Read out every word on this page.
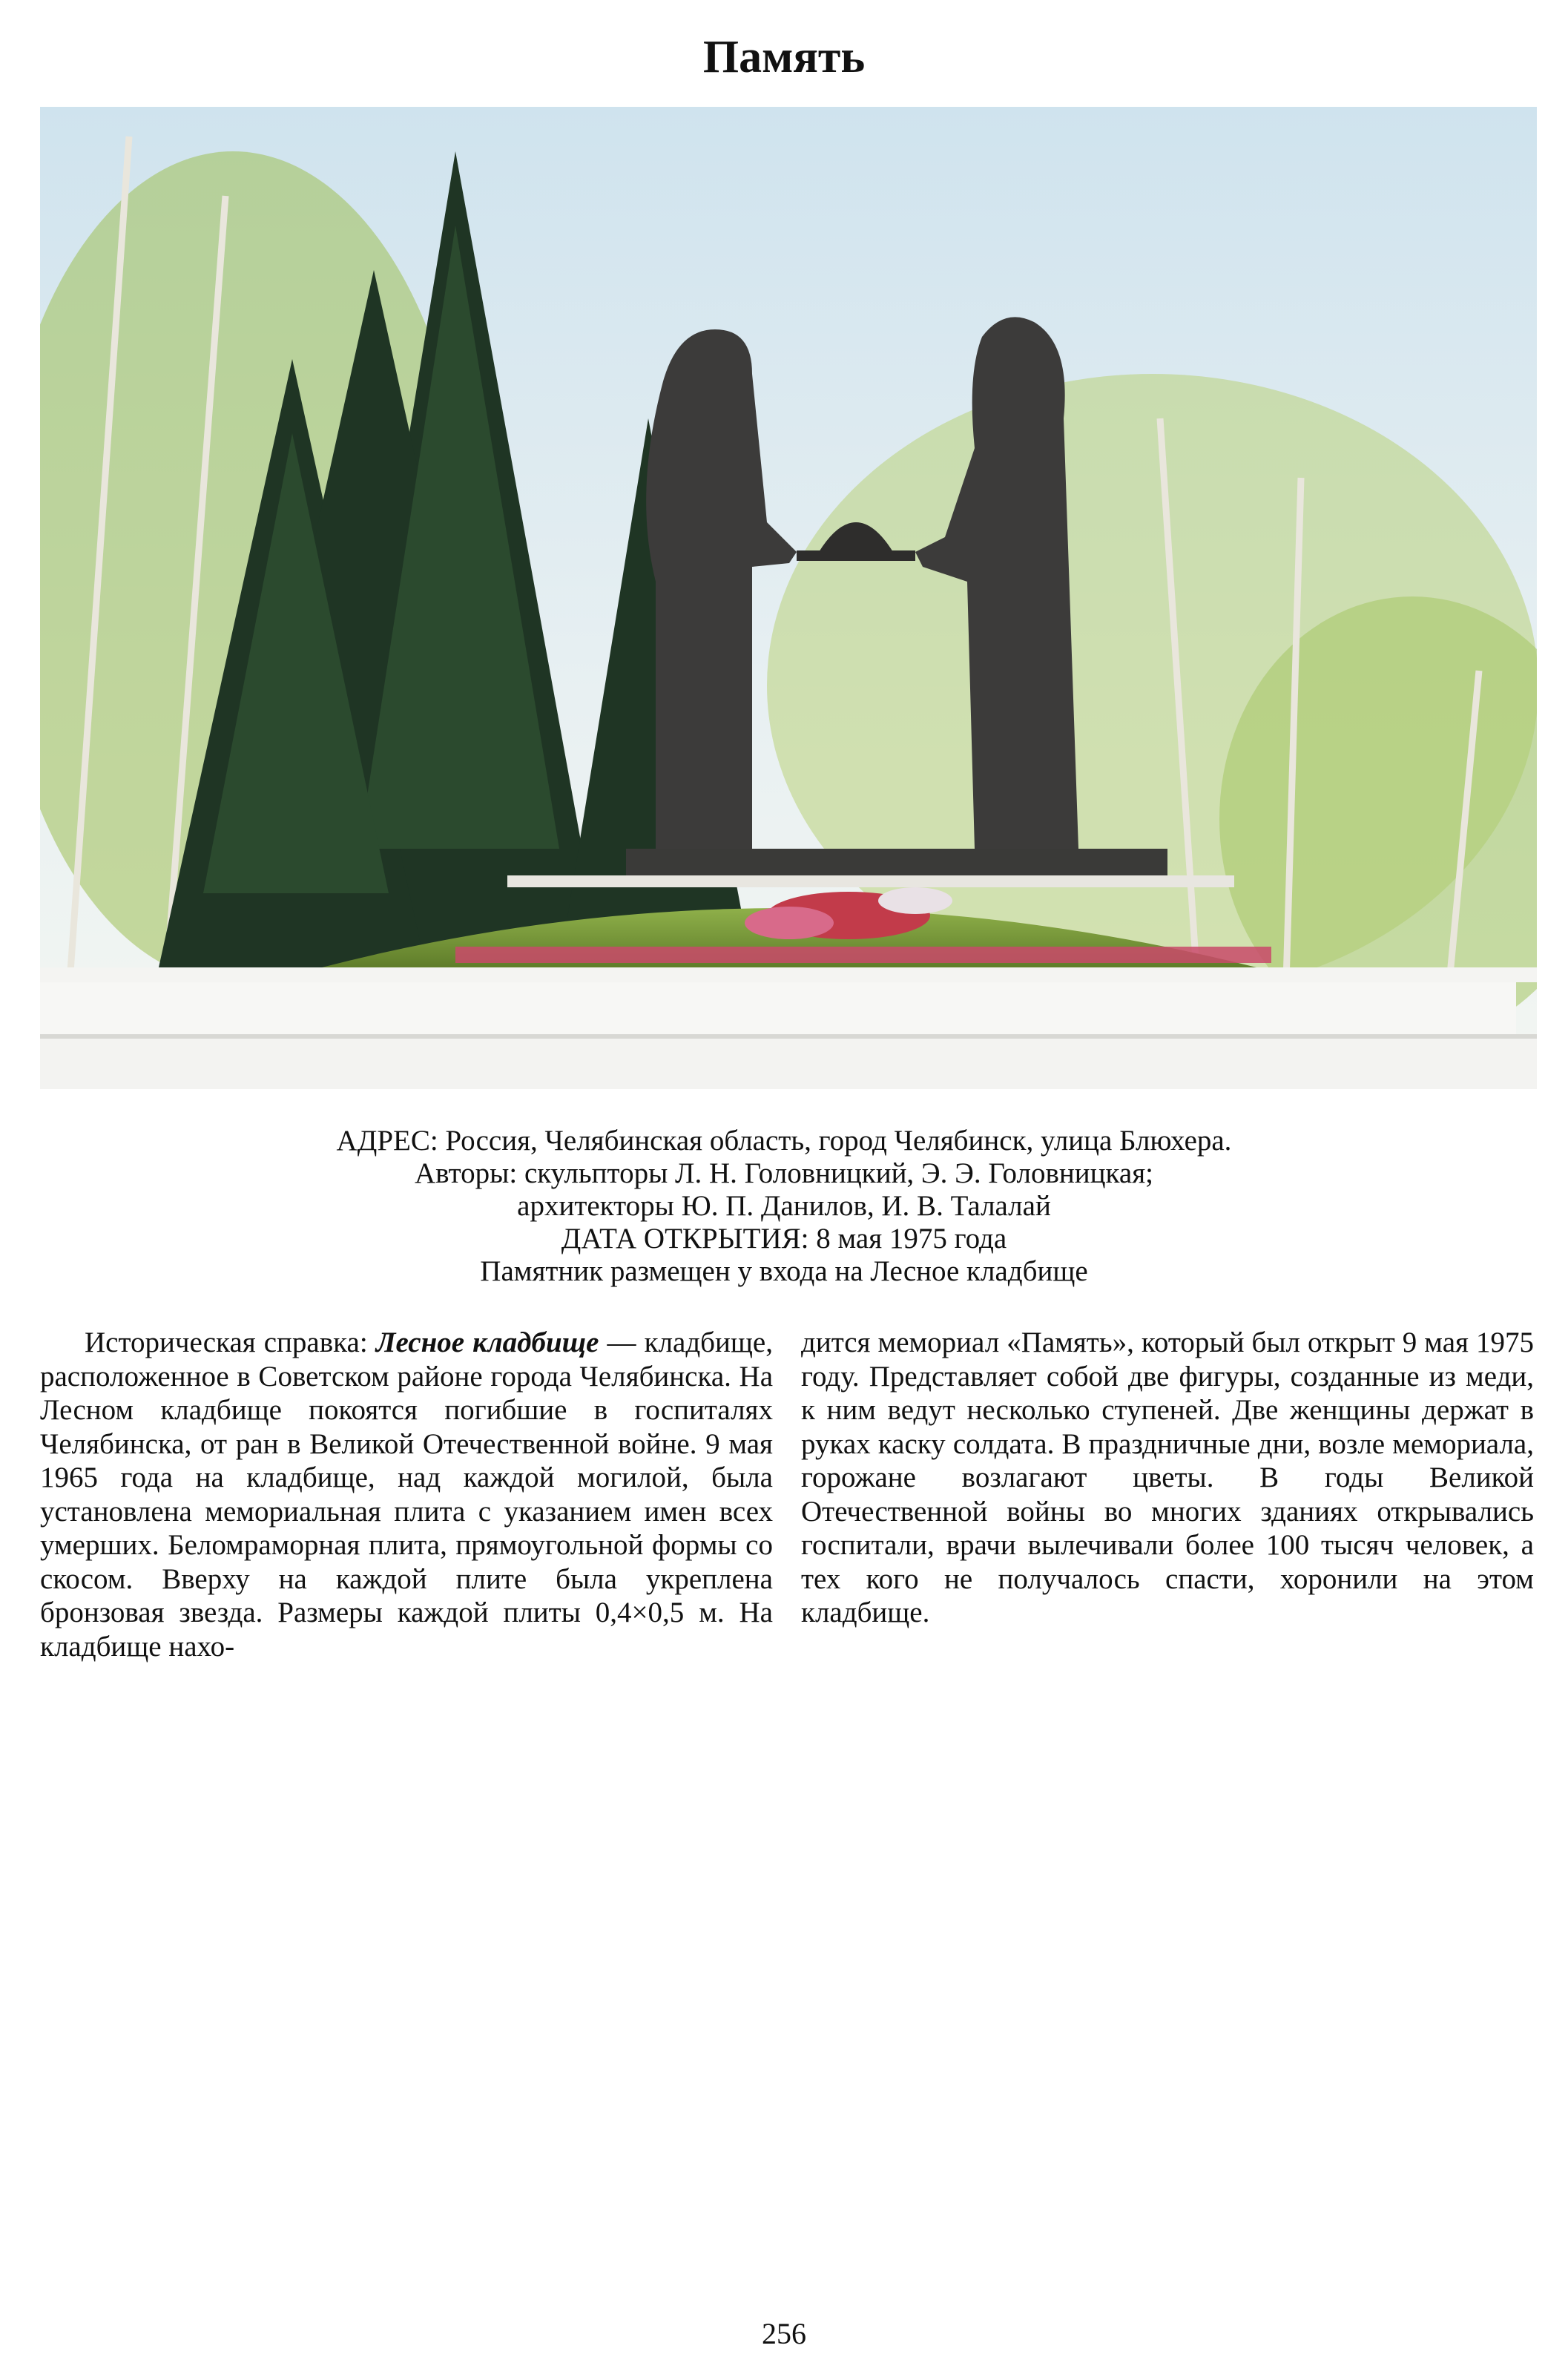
Память
АДРЕС: Россия, Челябинская область, город Челябинск, улица Блюхера.
Авторы: скульпторы Л. Н. Головницкий, Э. Э. Головницкая;
архитекторы Ю. П. Данилов, И. В. Талалай
ДАТА ОТКРЫТИЯ: 8 мая 1975 года
Памятник размещен у входа на Лесное кладбище

Историческая справка: Лесное кладбище — кладбище, расположенное в Советском районе города Челябинска. На Лесном кладбище покоятся погибшие в госпиталях Челябинска, от ран в Великой Отечественной войне. 9 мая 1965 года на кладбище, над каждой могилой, была установлена мемориальная плита с указанием имен всех умерших. Беломраморная плита, прямоугольной формы со скосом. Вверху на каждой плите была укреплена бронзовая звезда. Размеры каждой плиты 0,4×0,5 м. На кладбище нахо-

дится мемориал «Память», который был открыт 9 мая 1975 году. Представляет собой две фигуры, созданные из меди, к ним ведут несколько ступеней. Две женщины держат в руках каску солдата. В праздничные дни, возле мемориала, горожане возлагают цветы. В годы Великой Отечественной войны во многих зданиях открывались госпитали, врачи вылечивали более 100 тысяч человек, а тех кого не получалось спасти, хоронили на этом кладбище.

256
